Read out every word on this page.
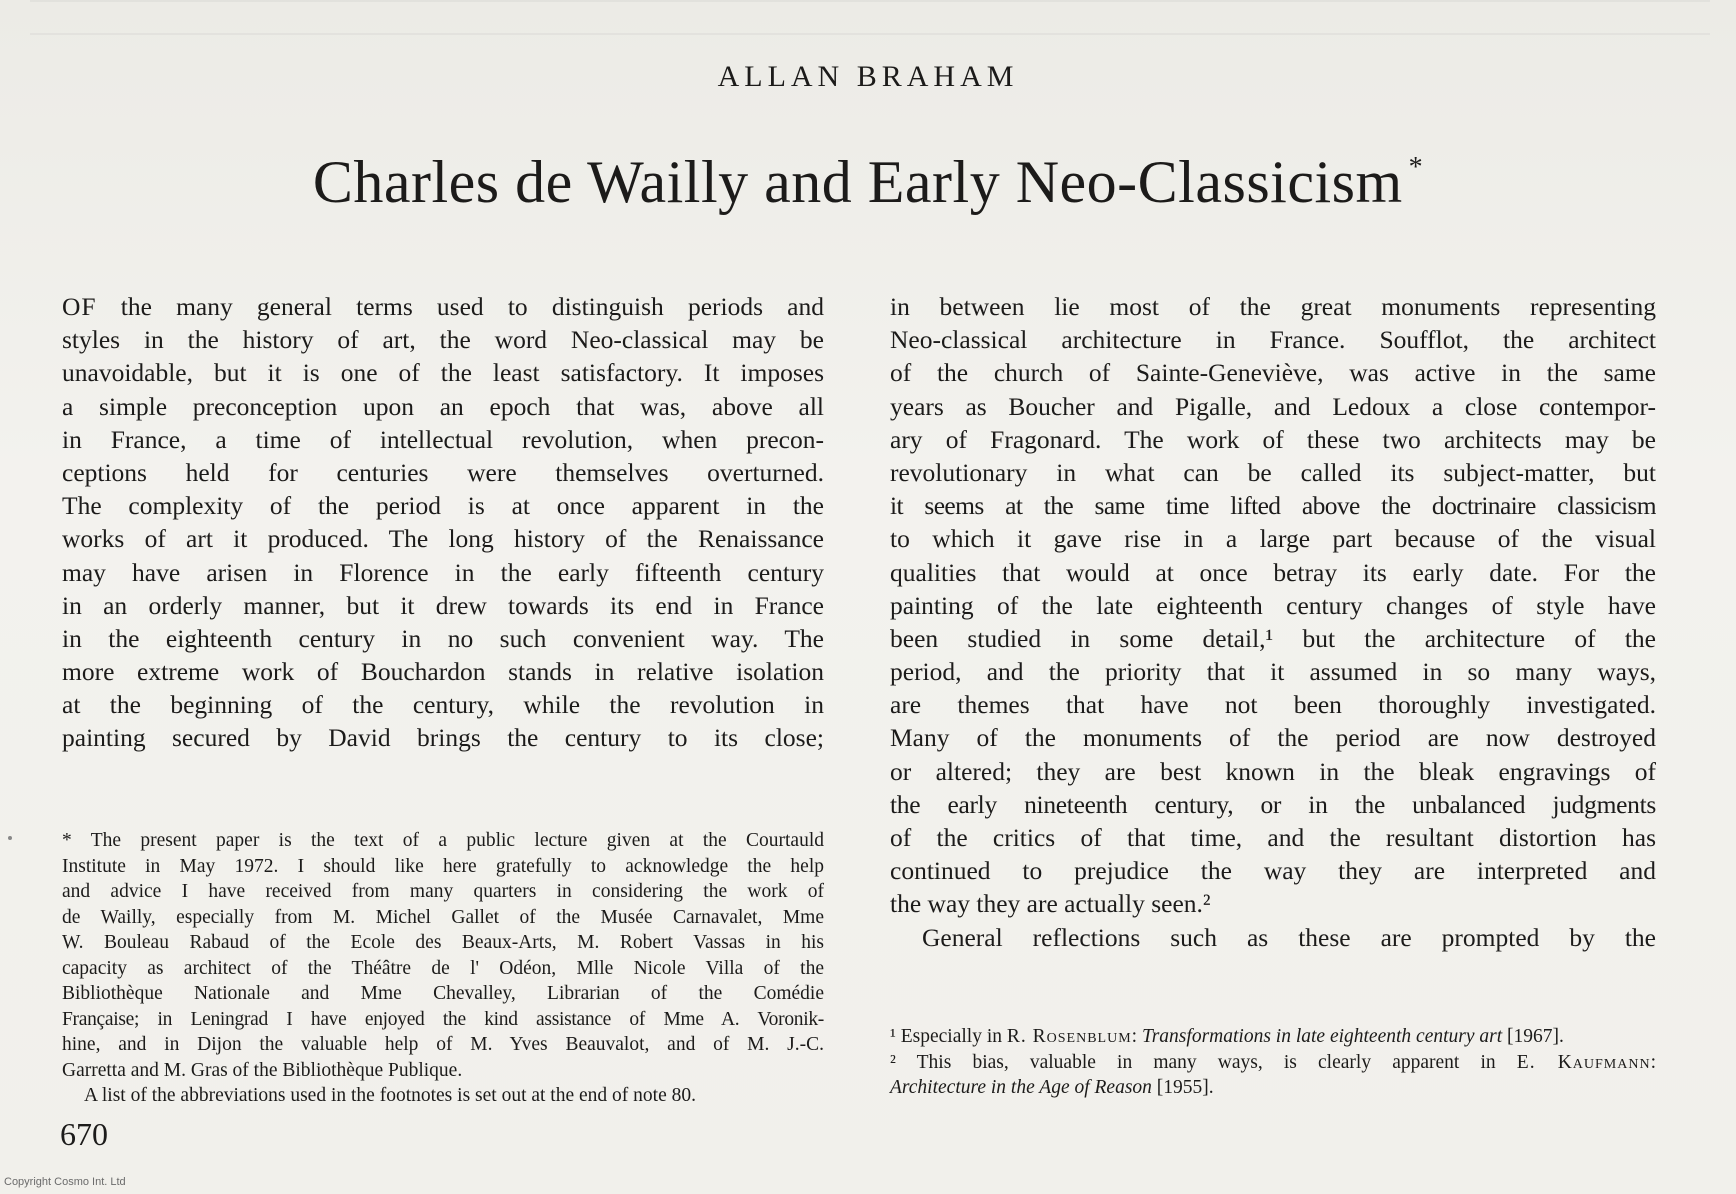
ALLAN BRAHAM
Charles de Wailly and Early Neo-Classicism *
OF the many general terms used to distinguish periods and
styles in the history of art, the word Neo-classical may be
unavoidable, but it is one of the least satisfactory. It imposes
a simple preconception upon an epoch that was, above all
in France, a time of intellectual revolution, when precon-
ceptions held for centuries were themselves overturned.
The complexity of the period is at once apparent in the
works of art it produced. The long history of the Renaissance
may have arisen in Florence in the early fifteenth century
in an orderly manner, but it drew towards its end in France
in the eighteenth century in no such convenient way. The
more extreme work of Bouchardon stands in relative isolation
at the beginning of the century, while the revolution in
painting secured by David brings the century to its close;
in between lie most of the great monuments representing
Neo-classical architecture in France. Soufflot, the architect
of the church of Sainte-Geneviève, was active in the same
years as Boucher and Pigalle, and Ledoux a close contempor-
ary of Fragonard. The work of these two architects may be
revolutionary in what can be called its subject-matter, but
it seems at the same time lifted above the doctrinaire classicism
to which it gave rise in a large part because of the visual
qualities that would at once betray its early date. For the
painting of the late eighteenth century changes of style have
been studied in some detail,¹ but the architecture of the
period, and the priority that it assumed in so many ways,
are themes that have not been thoroughly investigated.
Many of the monuments of the period are now destroyed
or altered; they are best known in the bleak engravings of
the early nineteenth century, or in the unbalanced judgments
of the critics of that time, and the resultant distortion has
continued to prejudice the way they are interpreted and
the way they are actually seen.²
General reflections such as these are prompted by the
* The present paper is the text of a public lecture given at the Courtauld
Institute in May 1972. I should like here gratefully to acknowledge the help
and advice I have received from many quarters in considering the work of
de Wailly, especially from M. Michel Gallet of the Musée Carnavalet, Mme
W. Bouleau Rabaud of the Ecole des Beaux-Arts, M. Robert Vassas in his
capacity as architect of the Théâtre de l' Odéon, Mlle Nicole Villa of the
Bibliothèque Nationale and Mme Chevalley, Librarian of the Comédie
Française; in Leningrad I have enjoyed the kind assistance of Mme A. Voronik-
hine, and in Dijon the valuable help of M. Yves Beauvalot, and of M. J.-C.
Garretta and M. Gras of the Bibliothèque Publique.
A list of the abbreviations used in the footnotes is set out at the end of note 80.
¹ Especially in R. Rosenblum: Transformations in late eighteenth century art [1967].
² This bias, valuable in many ways, is clearly apparent in E. Kaufmann:
Architecture in the Age of Reason [1955].
670
Copyright Cosmo Int. Ltd
